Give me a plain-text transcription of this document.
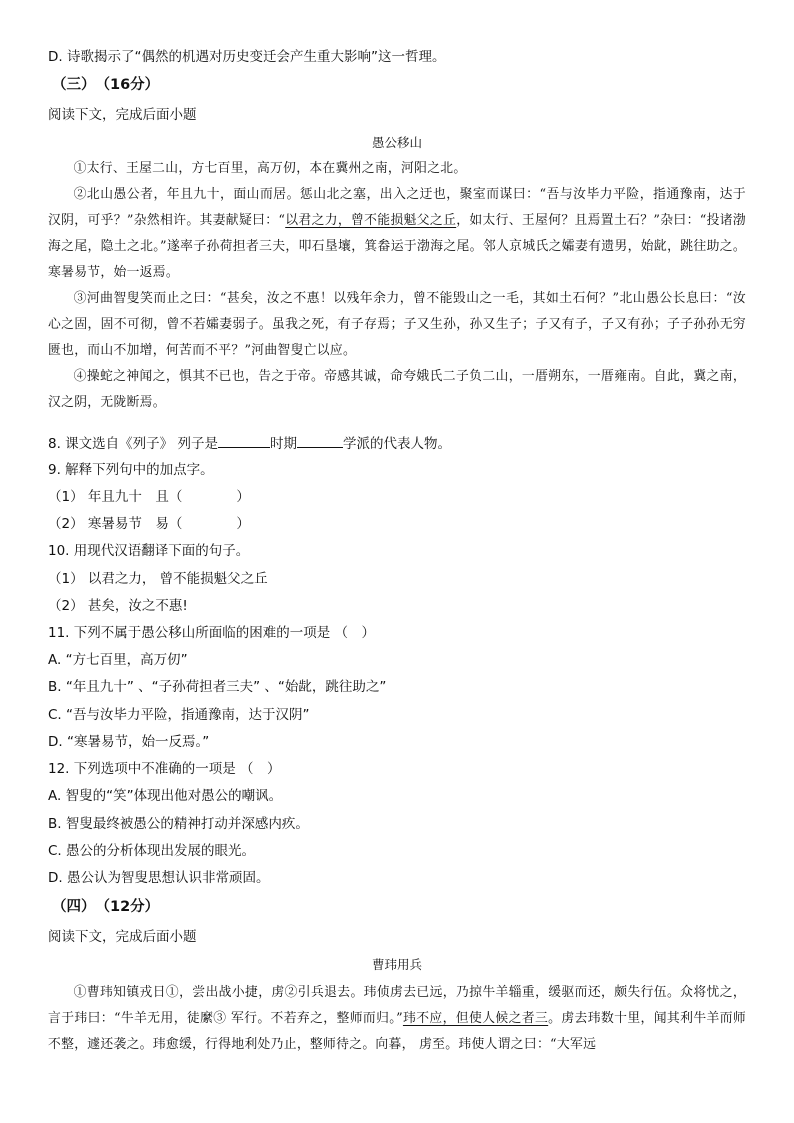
D. 诗歌揭示了“偶然的机遇对历史变迁会产生重大影响”这一哲理。
（三）　（16分）
阅读下文，完成后面小题
愚公移山
①太行、王屋二山，方七百里，高万仞，本在冀州之南，河阳之北。
②北山愚公者，年且九十，面山而居。惩山北之塞，出入之迂也，聚室而谋曰：“吾与汝毕力平险，指通豫南，达于汉阴，可乎？”杂然相许。其妻献疑曰：“以君之力，曾不能损魁父之丘，如太行、王屋何？且焉置土石？”杂曰：“投诸渤海之尾，隐土之北。”遂率子孙荷担者三夫，叩石垦壤，箕畚运于渤海之尾。邻人京城氏之孀妻有遗男，始龀，跳往助之。寒暑易节，始一返焉。
③河曲智叟笑而止之曰：“甚矣，汝之不惠！以残年余力，曾不能毁山之一毛，其如土石何？”北山愚公长息曰：“汝心之固，固不可彻，曾不若孀妻弱子。虽我之死，有子存焉；子又生孙，孙又生子；子又有子，子又有孙；子子孙孙无穷匮也，而山不加增，何苦而不平？”河曲智叟亡以应。
④操蛇之神闻之，惧其不已也，告之于帝。帝感其诚，命夸娥氏二子负二山，一厝朔东，一厝雍南。自此，冀之南，汉之阴，无陇断焉。
8. 课文选自《列子》 列子是	时期	学派的代表人物。
9. 解释下列句中的加点字。
（1） 年且九十　且（　　　　）
（2） 寒暑易节　易（　　　　）
10. 用现代汉语翻译下面的句子。
（1） 以君之力， 曾不能损魁父之丘
（2） 甚矣，汝之不惠!
11. 下列不属于愚公移山所面临的困难的一项是 （　）
A. “方七百里，高万仞”
B. “年且九十” 、“子孙荷担者三夫” 、“始龀，跳往助之”
C. “吾与汝毕力平险，指通豫南，达于汉阴”
D. “寒暑易节，始一反焉。”
12. 下列选项中不准确的一项是 （　）
A. 智叟的“笑”体现出他对愚公的嘲讽。
B. 智叟最终被愚公的精神打动并深感内疚。
C. 愚公的分析体现出发展的眼光。
D. 愚公认为智叟思想认识非常顽固。
（四）　（12分）
阅读下文，完成后面小题
曹玮用兵
①曹玮知镇戎日①，尝出战小捷，虏②引兵退去。玮侦虏去已远，乃掠牛羊辎重，缓驱而还，颇失行伍。众将忧之，言于玮曰：“牛羊无用，徒縻③ 军行。不若弃之，整师而归。”玮不应，但使人候之者三。虏去玮数十里，闻其利牛羊而师不整，遽还袭之。玮愈缓，行得地利处乃止，整师待之。向暮， 虏至。玮使人谓之曰：“大军远
